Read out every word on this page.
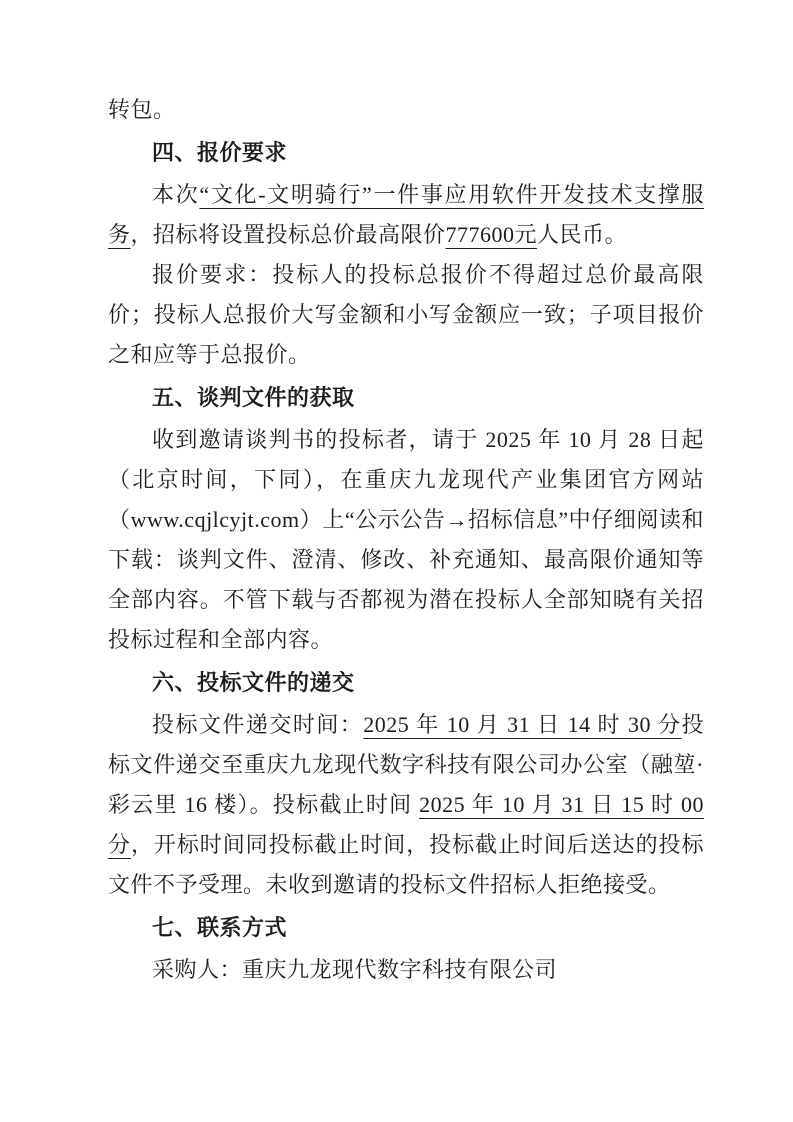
转包。

四、报价要求

本次“文化-文明骑行”一件事应用软件开发技术支撑服务，招标将设置投标总价最高限价777600元人民币。

报价要求：投标人的投标总报价不得超过总价最高限价；投标人总报价大写金额和小写金额应一致；子项目报价之和应等于总报价。

五、谈判文件的获取

收到邀请谈判书的投标者，请于 2025 年 10 月 28 日起（北京时间，下同），在重庆九龙现代产业集团官方网站（www.cqjlcyjt.com）上“公示公告→招标信息”中仔细阅读和下载：谈判文件、澄清、修改、补充通知、最高限价通知等全部内容。不管下载与否都视为潜在投标人全部知晓有关招投标过程和全部内容。

六、投标文件的递交

投标文件递交时间：2025 年 10 月 31 日 14 时 30 分投标文件递交至重庆九龙现代数字科技有限公司办公室（融堃·彩云里 16 楼）。投标截止时间 2025 年 10 月 31 日 15 时 00 分，开标时间同投标截止时间，投标截止时间后送达的投标文件不予受理。未收到邀请的投标文件招标人拒绝接受。

七、联系方式

采购人：重庆九龙现代数字科技有限公司
